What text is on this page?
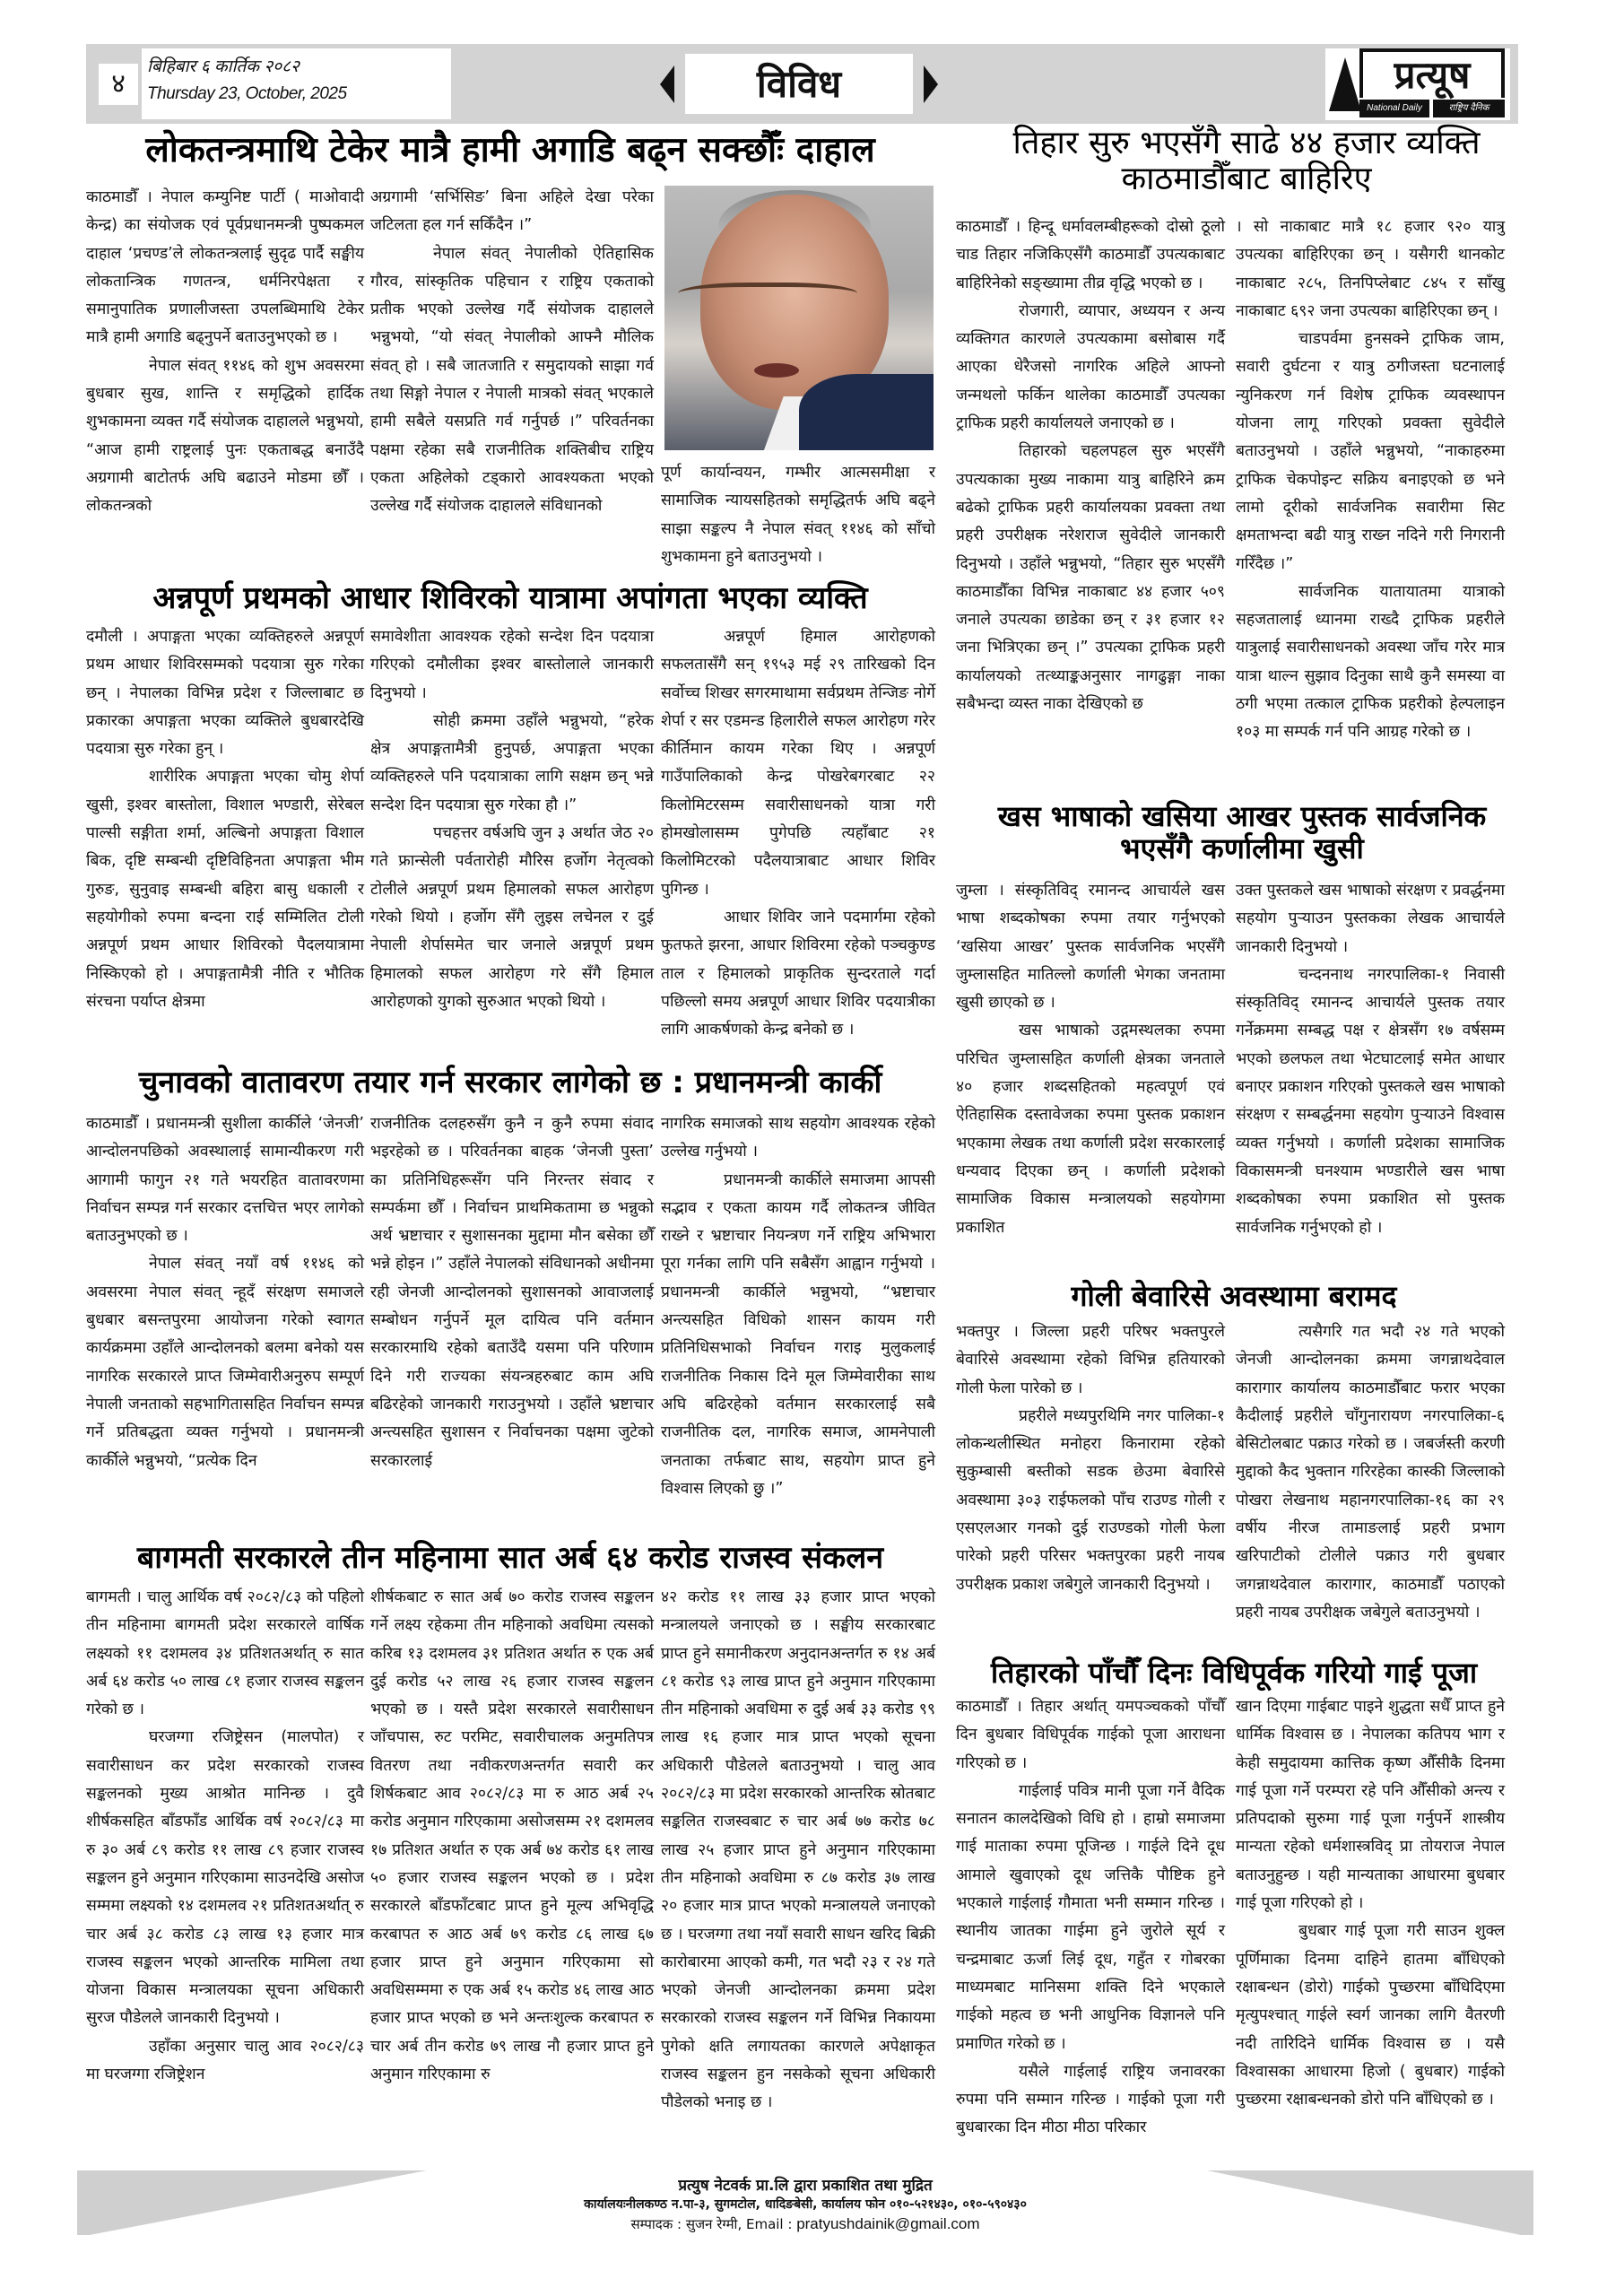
४
बिहिबार ६ कार्तिक २०८२
Thursday 23, October, 2025	विविध	प्रत्यूष
National Daily	राष्ट्रिय दैनिक
लोकतन्त्रमाथि टेकेर मात्रै हामी अगाडि बढ्न सक्छौँः दाहाल

काठमाडौँ । नेपाल कम्युनिष्ट पार्टी ( माओवादी केन्द्र) का संयोजक एवं पूर्वप्रधानमन्त्री पुष्पकमल दाहाल ‘प्रचण्ड’ले लोकतन्त्रलाई सुदृढ पार्दै सङ्घीय लोकतान्त्रिक गणतन्त्र, धर्मनिरपेक्षता र समानुपातिक प्रणालीजस्ता उपलब्धिमाथि टेकेर मात्रै हामी अगाडि बढ्नुपर्ने बताउनुभएको छ ।

नेपाल संवत् ११४६ को शुभ अवसरमा बुधबार सुख, शान्ति र समृद्धिको हार्दिक शुभकामना व्यक्त गर्दै संयोजक दाहालले भन्नुभयो, “आज हामी राष्ट्रलाई पुनः एकताबद्ध बनाउँदै अग्रगामी बाटोतर्फ अघि बढाउने मोडमा छौँ । लोकतन्त्रको

अग्रगामी ‘सर्भिसिङ’ बिना अहिले देखा परेका जटिलता हल गर्न सकिँदैन ।”

नेपाल संवत् नेपालीको ऐतिहासिक गौरव, सांस्कृतिक पहिचान र राष्ट्रिय एकताको प्रतीक भएको उल्लेख गर्दै संयोजक दाहालले भन्नुभयो, “यो संवत् नेपालीको आफ्नै मौलिक संवत् हो । सबै जातजाति र समुदायको साझा गर्व तथा सिङ्गो नेपाल र नेपाली मात्रको संवत् भएकाले हामी सबैले यसप्रति गर्व गर्नुपर्छ ।” परिवर्तनका पक्षमा रहेका सबै राजनीतिक शक्तिबीच राष्ट्रिय एकता अहिलेको टड्कारो आवश्यकता भएको उल्लेख गर्दै संयोजक दाहालले संविधानको

पूर्ण कार्यान्वयन, गम्भीर आत्मसमीक्षा र सामाजिक न्यायसहितको समृद्धितर्फ अघि बढ्ने साझा सङ्कल्प नै नेपाल संवत् ११४६ को साँचो शुभकामना हुने बताउनुभयो ।

अन्नपूर्ण प्रथमको आधार शिविरको यात्रामा अपांगता भएका व्यक्ति

दमौली । अपाङ्गता भएका व्यक्तिहरुले अन्नपूर्ण प्रथम आधार शिविरसम्मको पदयात्रा सुरु गरेका छन् । नेपालका विभिन्न प्रदेश र जिल्लाबाट छ प्रकारका अपाङ्गता भएका व्यक्तिले बुधबारदेखि पदयात्रा सुरु गरेका हुन् ।

शारीरिक अपाङ्गता भएका चोमु शेर्पा खुसी, इश्वर बास्तोला, विशाल भण्डारी, सेरेबल पाल्सी सङ्गीता शर्मा, अल्बिनो अपाङ्गता विशाल बिक, दृष्टि सम्बन्धी दृष्टिविहिनता अपाङ्गता भीम गुरुङ, सुनुवाइ सम्बन्धी बहिरा बासु धकाली र सहयोगीको रुपमा बन्दना राई सम्मिलित टोली अन्नपूर्ण प्रथम आधार शिविरको पैदलयात्रामा निस्किएको हो । अपाङ्गतामैत्री नीति र भौतिक संरचना पर्याप्त क्षेत्रमा

समावेशीता आवश्यक रहेको सन्देश दिन पदयात्रा गरिएको दमौलीका इश्वर बास्तोलाले जानकारी दिनुभयो ।

सोही क्रममा उहाँले भन्नुभयो, “हरेक क्षेत्र अपाङ्गतामैत्री हुनुपर्छ, अपाङ्गता भएका व्यक्तिहरुले पनि पदयात्राका लागि सक्षम छन् भन्ने सन्देश दिन पदयात्रा सुरु गरेका हौ ।”

पचहत्तर वर्षअघि जुन ३ अर्थात जेठ २० गते फ्रान्सेली पर्वतारोही मौरिस हर्जोग नेतृत्वको टोलीले अन्नपूर्ण प्रथम हिमालको सफल आरोहण गरेको थियो । हर्जोग सँगै लुइस लचेनल र दुई नेपाली शेर्पासमेत चार जनाले अन्नपूर्ण प्रथम हिमालको सफल आरोहण गरे सँगै हिमाल आरोहणको युगको सुरुआत भएको थियो ।

अन्नपूर्ण हिमाल आरोहणको सफलतासँगै सन् १९५३ मई २९ तारिखको दिन सर्वोच्च शिखर सगरमाथामा सर्वप्रथम तेन्जिङ नोर्गे शेर्पा र सर एडमन्ड हिलारीले सफल आरोहण गरेर कीर्तिमान कायम गरेका थिए । अन्नपूर्ण गाउँपालिकाको केन्द्र पोखरेबगरबाट २२ किलोमिटरसम्म सवारीसाधनको यात्रा गरी होमखोलासम्म पुगेपछि त्यहाँबाट २१ किलोमिटरको पदैलयात्राबाट आधार शिविर पुगिन्छ ।

आधार शिविर जाने पदमार्गमा रहेको फुतफते झरना, आधार शिविरमा रहेको पञ्चकुण्ड ताल र हिमालको प्राकृतिक सुन्दरताले गर्दा पछिल्लो समय अन्नपूर्ण आधार शिविर पदयात्रीका लागि आकर्षणको केन्द्र बनेको छ ।

चुनावको वातावरण तयार गर्न सरकार लागेको छ : प्रधानमन्त्री कार्की

काठमाडौँ । प्रधानमन्त्री सुशीला कार्कीले ‘जेनजी’ आन्दोलनपछिको अवस्थालाई सामान्यीकरण गरी आगामी फागुन २१ गते भयरहित वातावरणमा निर्वाचन सम्पन्न गर्न सरकार दत्तचित्त भएर लागेको बताउनुभएको छ ।

नेपाल संवत् नयाँ वर्ष ११४६ को अवसरमा नेपाल संवत् न्हूदँ संरक्षण समाजले बुधबार बसन्तपुरमा आयोजना गरेको स्वागत कार्यक्रममा उहाँले आन्दोलनको बलमा बनेको यस नागरिक सरकारले प्राप्त जिम्मेवारीअनुरुप सम्पूर्ण नेपाली जनताको सहभागितासहित निर्वाचन सम्पन्न गर्ने प्रतिबद्धता व्यक्त गर्नुभयो । प्रधानमन्त्री कार्कीले भन्नुभयो, “प्रत्येक दिन

राजनीतिक दलहरुसँग कुनै न कुनै रुपमा संवाद भइरहेको छ । परिवर्तनका बाहक ‘जेनजी पुस्ता’ का प्रतिनिधिहरूसँग पनि निरन्तर संवाद र सम्पर्कमा छौँ । निर्वाचन प्राथमिकतामा छ भन्नुको अर्थ भ्रष्टाचार र सुशासनका मुद्दामा मौन बसेका छौँ भन्ने होइन ।” उहाँले नेपालको संविधानको अधीनमा रही जेनजी आन्दोलनको सुशासनको आवाजलाई सम्बोधन गर्नुपर्ने मूल दायित्व पनि वर्तमान सरकारमाथि रहेको बताउँदै यसमा पनि परिणाम दिने गरी राज्यका संयन्त्रहरुबाट काम अघि बढिरहेको जानकारी गराउनुभयो । उहाँले भ्रष्टाचार अन्त्यसहित सुशासन र निर्वाचनका पक्षमा जुटेको सरकारलाई

नागरिक समाजको साथ सहयोग आवश्यक रहेको उल्लेख गर्नुभयो ।

प्रधानमन्त्री कार्कीले समाजमा आपसी सद्भाव र एकता कायम गर्दै लोकतन्त्र जीवित राख्ने र भ्रष्टाचार नियन्त्रण गर्ने राष्ट्रिय अभिभारा पूरा गर्नका लागि पनि सबैसँग आह्वान गर्नुभयो । प्रधानमन्त्री कार्कीले भन्नुभयो, “भ्रष्टाचार अन्त्यसहित विधिको शासन कायम गरी प्रतिनिधिसभाको निर्वाचन गराइ मुलुकलाई राजनीतिक निकास दिने मूल जिम्मेवारीका साथ अघि बढिरहेको वर्तमान सरकारलाई सबै राजनीतिक दल, नागरिक समाज, आमनेपाली जनताका तर्फबाट साथ, सहयोग प्राप्त हुने विश्वास लिएको छु ।”

बागमती सरकारले तीन महिनामा सात अर्ब ६४ करोड राजस्व संकलन

बागमती । चालु आर्थिक वर्ष २०८२/८३ को पहिलो तीन महिनामा बागमती प्रदेश सरकारले वार्षिक लक्ष्यको ११ दशमलव ३४ प्रतिशतअर्थात् रु सात अर्ब ६४ करोड ५० लाख ८१ हजार राजस्व सङ्कलन गरेको छ ।

घरजग्गा रजिष्ट्रेसन (मालपोत) र सवारीसाधन कर प्रदेश सरकारको राजस्व सङ्कलनको मुख्य आश्रोत मानिन्छ । दुवै शीर्षकसहित बाँडफाँड आर्थिक वर्ष २०८२/८३ मा रु ३० अर्ब ८९ करोड ११ लाख ८९ हजार राजस्व सङ्कलन हुने अनुमान गरिएकामा साउनदेखि असोज सम्ममा लक्ष्यको १४ दशमलव २१ प्रतिशतअर्थात् रु चार अर्ब ३८ करोड ८३ लाख १३ हजार मात्र राजस्व सङ्कलन भएको आन्तरिक मामिला तथा योजना विकास मन्त्रालयका सूचना अधिकारी सुरज पौडेलले जानकारी दिनुभयो ।

उहाँका अनुसार चालु आव २०८२/८३ मा घरजग्गा रजिष्ट्रेशन

शीर्षकबाट रु सात अर्ब ७० करोड राजस्व सङ्कलन गर्ने लक्ष्य रहेकमा तीन महिनाको अवधिमा त्यसको करिब १३ दशमलव ३१ प्रतिशत अर्थात रु एक अर्ब दुई करोड ५२ लाख २६ हजार राजस्व सङ्कलन भएको छ । यस्तै प्रदेश सरकारले सवारीसाधन जाँचपास, रुट परमिट, सवारीचालक अनुमतिपत्र वितरण तथा नवीकरणअन्तर्गत सवारी कर शिर्षकबाट आव २०८२/८३ मा रु आठ अर्ब २५ करोड अनुमान गरिएकामा असोजसम्म २१ दशमलव १७ प्रतिशत अर्थात रु एक अर्ब ७४ करोड ६१ लाख ५० हजार राजस्व सङ्कलन भएको छ । प्रदेश सरकारले बाँडफाँटबाट प्राप्त हुने मूल्य अभिवृद्धि करबापत रु आठ अर्ब ७९ करोड ८६ लाख ६७ हजार प्राप्त हुने अनुमान गरिएकामा सो अवधिसम्ममा रु एक अर्ब १५ करोड ४६ लाख आठ हजार प्राप्त भएको छ भने अन्तःशुल्क करबापत रु चार अर्ब तीन करोड ७९ लाख नौ हजार प्राप्त हुने अनुमान गरिएकामा रु

४२ करोड ११ लाख ३३ हजार प्राप्त भएको मन्त्रालयले जनाएको छ । सङ्घीय सरकारबाट प्राप्त हुने समानीकरण अनुदानअन्तर्गत रु १४ अर्ब ८१ करोड ९३ लाख प्राप्त हुने अनुमान गरिएकामा तीन महिनाको अवधिमा रु दुई अर्ब ३३ करोड ९९ लाख १६ हजार मात्र प्राप्त भएको सूचना अधिकारी पौडेलले बताउनुभयो । चालु आव २०८२/८३ मा प्रदेश सरकारको आन्तरिक स्रोतबाट सङ्कलित राजस्वबाट रु चार अर्ब ७७ करोड ७८ लाख २५ हजार प्राप्त हुने अनुमान गरिएकामा तीन महिनाको अवधिमा रु ८७ करोड ३७ लाख २० हजार मात्र प्राप्त भएको मन्त्रालयले जनाएको छ । घरजग्गा तथा नयाँ सवारी साधन खरिद बिक्री कारोबारमा आएको कमी, गत भदौ २३ र २४ गते भएको जेनजी आन्दोलनका क्रममा प्रदेश सरकारको राजस्व सङ्कलन गर्ने विभिन्न निकायमा पुगेको क्षति लगायतका कारणले अपेक्षाकृत राजस्व सङ्कलन हुन नसकेको सूचना अधिकारी पौडेलको भनाइ छ ।

तिहार सुरु भएसँगै साढे ४४ हजार व्यक्ति काठमाडौँबाट बाहिरिए

काठमाडौँ । हिन्दू धर्मावलम्बीहरूको दोस्रो ठूलो चाड तिहार नजिकिएसँगै काठमाडौँ उपत्यकाबाट बाहिरिनेको सङ्ख्यामा तीव्र वृद्धि भएको छ ।

रोजगारी, व्यापार, अध्ययन र अन्य व्यक्तिगत कारणले उपत्यकामा बसोबास गर्दै आएका धेरैजसो नागरिक अहिले आफ्नो जन्मथलो फर्किन थालेका काठमाडौँ उपत्यका ट्राफिक प्रहरी कार्यालयले जनाएको छ ।

तिहारको चहलपहल सुरु भएसँगै उपत्यकाका मुख्य नाकामा यात्रु बाहिरिने क्रम बढेको ट्राफिक प्रहरी कार्यालयका प्रवक्ता तथा प्रहरी उपरीक्षक नरेशराज सुवेदीले जानकारी दिनुभयो । उहाँले भन्नुभयो, “तिहार सुरु भएसँगै काठमाडौँका विभिन्न नाकाबाट ४४ हजार ५०९ जनाले उपत्यका छाडेका छन् र ३१ हजार १२ जना भित्रिएका छन् ।” उपत्यका ट्राफिक प्रहरी कार्यालयको तत्थ्याङ्कअनुसार नागढुङ्गा नाका सबैभन्दा व्यस्त नाका देखिएको छ

। सो नाकाबाट मात्रै १८ हजार ९२० यात्रु उपत्यका बाहिरिएका छन् । यसैगरी थानकोट नाकाबाट २८५, तिनपिप्लेबाट ८४५ र साँखु नाकाबाट ६९२ जना उपत्यका बाहिरिएका छन् ।

चाडपर्वमा हुनसक्ने ट्राफिक जाम, सवारी दुर्घटना र यात्रु ठगीजस्ता घटनालाई न्युनिकरण गर्न विशेष ट्राफिक व्यवस्थापन योजना लागू गरिएको प्रवक्ता सुवेदीले बताउनुभयो । उहाँले भन्नुभयो, “नाकाहरुमा ट्राफिक चेकपोइन्ट सक्रिय बनाइएको छ भने लामो दूरीको सार्वजनिक सवारीमा सिट क्षमताभन्दा बढी यात्रु राख्न नदिने गरी निगरानी गरिँदैछ ।”

सार्वजनिक यातायातमा यात्राको सहजतालाई ध्यानमा राख्दै ट्राफिक प्रहरीले यात्रुलाई सवारीसाधनको अवस्था जाँच गरेर मात्र यात्रा थाल्न सुझाव दिनुका साथै कुनै समस्या वा ठगी भएमा तत्काल ट्राफिक प्रहरीको हेल्पलाइन १०३ मा सम्पर्क गर्न पनि आग्रह गरेको छ ।

खस भाषाको खसिया आखर पुस्तक सार्वजनिक भएसँगै कर्णालीमा खुसी

जुम्ला । संस्कृतिविद् रमानन्द आचार्यले खस भाषा शब्दकोषका रुपमा तयार गर्नुभएको ‘खसिया आखर’ पुस्तक सार्वजनिक भएसँगै जुम्लासहित मातिल्लो कर्णाली भेगका जनतामा खुसी छाएको छ ।

खस भाषाको उद्गमस्थलका रुपमा परिचित जुम्लासहित कर्णाली क्षेत्रका जनताले ४० हजार शब्दसहितको महत्वपूर्ण एवं ऐतिहासिक दस्तावेजका रुपमा पुस्तक प्रकाशन भएकामा लेखक तथा कर्णाली प्रदेश सरकारलाई धन्यवाद दिएका छन् । कर्णाली प्रदेशको सामाजिक विकास मन्त्रालयको सहयोगमा प्रकाशित

उक्त पुस्तकले खस भाषाको संरक्षण र प्रवर्द्धनमा सहयोग पुऱ्याउन पुस्तकका लेखक आचार्यले जानकारी दिनुभयो ।

चन्दननाथ नगरपालिका-१ निवासी संस्कृतिविद् रमानन्द आचार्यले पुस्तक तयार गर्नेक्रममा सम्बद्ध पक्ष र क्षेत्रसँग १७ वर्षसम्म भएको छलफल तथा भेटघाटलाई समेत आधार बनाएर प्रकाशन गरिएको पुस्तकले खस भाषाको संरक्षण र सम्बर्द्धनमा सहयोग पुऱ्याउने विश्वास व्यक्त गर्नुभयो । कर्णाली प्रदेशका सामाजिक विकासमन्त्री घनश्याम भण्डारीले खस भाषा शब्दकोषका रुपमा प्रकाशित सो पुस्तक सार्वजनिक गर्नुभएको हो ।

गोली बेवारिसे अवस्थामा बरामद

भक्तपुर । जिल्ला प्रहरी परिषर भक्तपुरले बेवारिसे अवस्थामा रहेको विभिन्न हतियारको गोली फेला पारेको छ ।

प्रहरीले मध्यपुरथिमि नगर पालिका-१ लोकन्थलीस्थित मनोहरा किनारामा रहेको सुकुम्बासी बस्तीको सडक छेउमा बेवारिसे अवस्थामा ३०३ राईफलको पाँच राउण्ड गोली र एसएलआर गनको दुई राउण्डको गोली फेला पारेको प्रहरी परिसर भक्तपुरका प्रहरी नायब उपरीक्षक प्रकाश जबेगुले जानकारी दिनुभयो ।

त्यसैगरि गत भदौ २४ गते भएको जेनजी आन्दोलनका क्रममा जगन्नाथदेवाल कारागार कार्यालय काठमाडौँबाट फरार भएका कैदीलाई प्रहरीले चाँगुनारायण नगरपालिका-६ बेसिटोलबाट पक्राउ गरेको छ । जबर्जस्ती करणी मुद्दाको कैद भुक्तान गरिरहेका कास्की जिल्लाको पोखरा लेखनाथ महानगरपालिका-१६ का २९ वर्षीय नीरज तामाङलाई प्रहरी प्रभाग खरिपाटीको टोलीले पक्राउ गरी बुधबार जगन्नाथदेवाल कारागार, काठमाडौँ पठाएको प्रहरी नायब उपरीक्षक जबेगुले बताउनुभयो ।

तिहारको पाँचौँ दिनः विधिपूर्वक गरियो गाई पूजा

काठमाडौँ । तिहार अर्थात् यमपञ्चकको पाँचौँ दिन बुधबार विधिपूर्वक गाईको पूजा आराधना गरिएको छ ।

गाईलाई पवित्र मानी पूजा गर्ने वैदिक सनातन कालदेखिको विधि हो । हाम्रो समाजमा गाई माताका रुपमा पूजिन्छ । गाईले दिने दूध आमाले खुवाएको दूध जत्तिकै पौष्टिक हुने भएकाले गाईलाई गौमाता भनी सम्मान गरिन्छ । स्थानीय जातका गाईमा हुने जुरोले सूर्य र चन्द्रमाबाट ऊर्जा लिई दूध, गहुँत र गोबरका माध्यमबाट मानिसमा शक्ति दिने भएकाले गाईको महत्व छ भनी आधुनिक विज्ञानले पनि प्रमाणित गरेको छ ।

यसैले गाईलाई राष्ट्रिय जनावरका रुपमा पनि सम्मान गरिन्छ । गाईको पूजा गरी बुधबारका दिन मीठा मीठा परिकार

खान दिएमा गाईबाट पाइने शुद्धता सधैँ प्राप्त हुने धार्मिक विश्वास छ । नेपालका कतिपय भाग र केही समुदायमा कात्तिक कृष्ण औँसीकै दिनमा गाई पूजा गर्ने परम्परा रहे पनि औँसीको अन्त्य र प्रतिपदाको सुरुमा गाई पूजा गर्नुपर्ने शास्त्रीय मान्यता रहेको धर्मशास्त्रविद् प्रा तोयराज नेपाल बताउनुहुन्छ । यही मान्यताका आधारमा बुधबार गाई पूजा गरिएको हो ।

बुधबार गाई पूजा गरी साउन शुक्ल पूर्णिमाका दिनमा दाहिने हातमा बाँधिएको रक्षाबन्धन (डोरो) गाईको पुच्छरमा बाँधिदिएमा मृत्युपश्चात् गाईले स्वर्ग जानका लागि वैतरणी नदी तारिदिने धार्मिक विश्वास छ । यसै विश्वासका आधारमा हिजो ( बुधबार) गाईको पुच्छरमा रक्षाबन्धनको डोरो पनि बाँधिएको छ ।

प्रत्युष नेटवर्क प्रा.लि द्वारा प्रकाशित तथा मुद्रित
कार्यालयःनीलकण्ठ न.पा-३, सुगमटोल, धादिङबेसी, कार्यालय फोन ०१०-५२१४३०, ०१०-५९०४३०
सम्पादक : सुजन रेग्मी, Email : pratyushdainik@gmail.com
